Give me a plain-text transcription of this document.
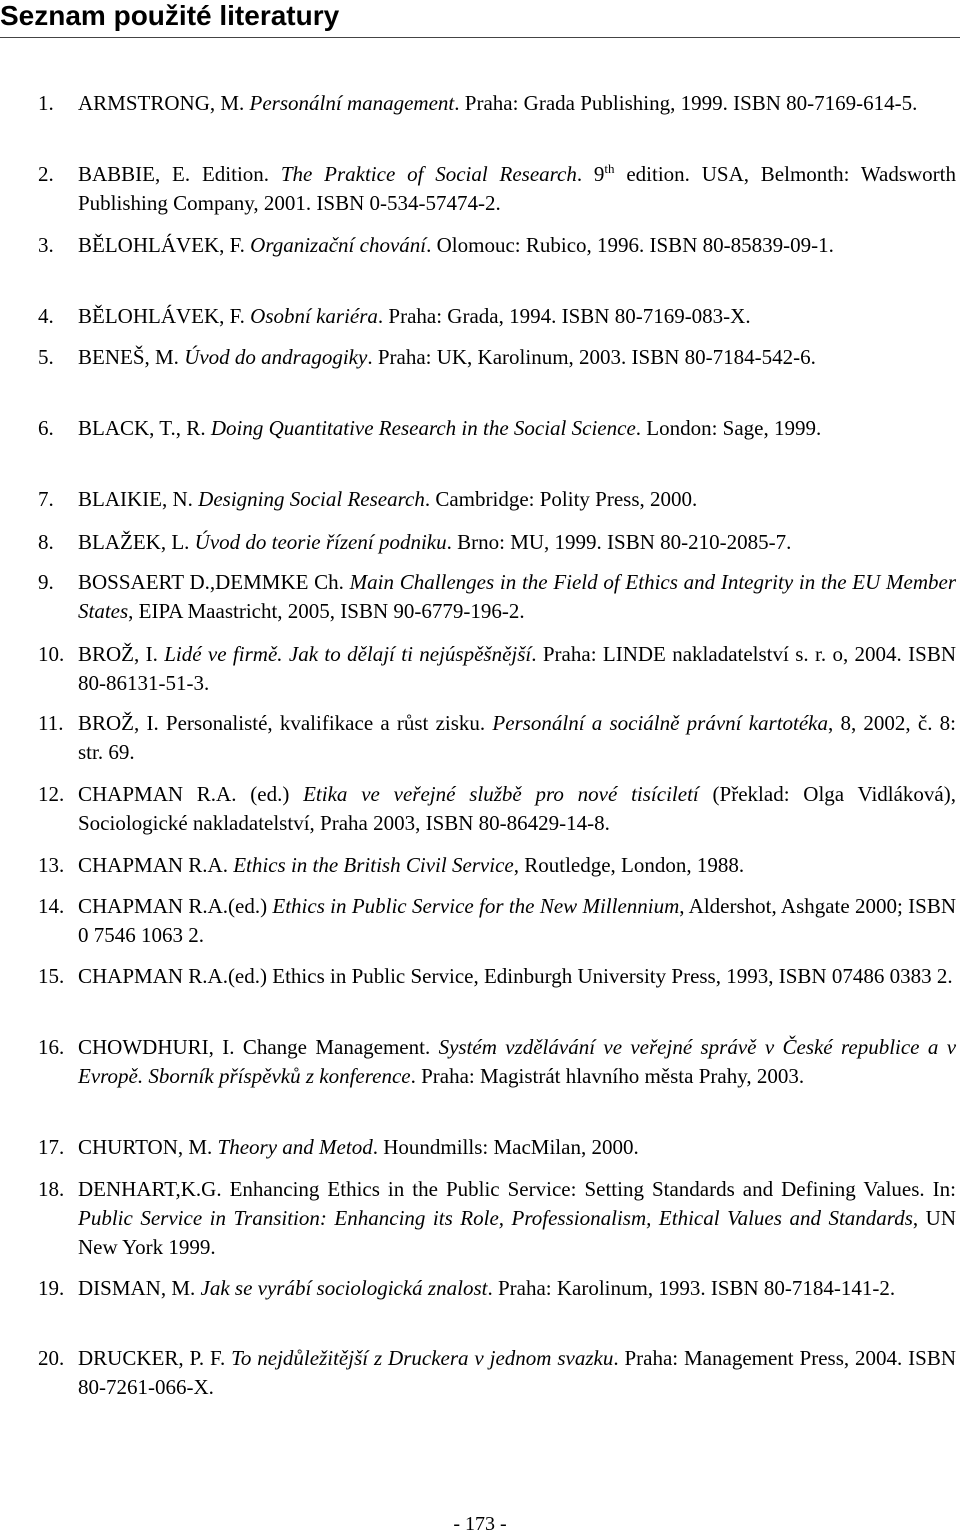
Seznam použité literatury
1. ARMSTRONG, M. Personální management. Praha: Grada Publishing, 1999. ISBN 80-7169-614-5.
2. BABBIE, E. Edition. The Praktice of Social Research. 9th edition. USA, Belmonth: Wadsworth Publishing Company, 2001. ISBN 0-534-57474-2.
3. BĚLOHLÁVEK, F. Organizační chování. Olomouc: Rubico, 1996. ISBN 80-85839-09-1.
4. BĚLOHLÁVEK, F. Osobní kariéra. Praha: Grada, 1994. ISBN 80-7169-083-X.
5. BENEŠ, M. Úvod do andragogiky. Praha: UK, Karolinum, 2003. ISBN 80-7184-542-6.
6. BLACK, T., R. Doing Quantitative Research in the Social Science. London: Sage, 1999.
7. BLAIKIE, N. Designing Social Research. Cambridge: Polity Press, 2000.
8. BLAŽEK, L. Úvod do teorie řízení podniku. Brno: MU, 1999. ISBN 80-210-2085-7.
9. BOSSAERT D.,DEMMKE Ch. Main Challenges in the Field of Ethics and Integrity in the EU Member States, EIPA Maastricht, 2005, ISBN 90-6779-196-2.
10. BROŽ, I. Lidé ve firmě. Jak to dělají ti nejúspěšnější. Praha: LINDE nakladatelství s. r. o, 2004. ISBN 80-86131-51-3.
11. BROŽ, I. Personalisté, kvalifikace a růst zisku. Personální a sociálně právní kartotéka, 8, 2002, č. 8: str. 69.
12. CHAPMAN R.A. (ed.) Etika ve veřejné službě pro nové tisíciletí (Překlad: Olga Vidláková), Sociologické nakladatelství, Praha 2003, ISBN 80-86429-14-8.
13. CHAPMAN R.A. Ethics in the British Civil Service, Routledge, London, 1988.
14. CHAPMAN R.A.(ed.) Ethics in Public Service for the New Millennium, Aldershot, Ashgate 2000; ISBN 0 7546 1063 2.
15. CHAPMAN R.A.(ed.) Ethics in Public Service, Edinburgh University Press, 1993, ISBN 07486 0383 2.
16. CHOWDHURI, I. Change Management. Systém vzdělávání ve veřejné správě v České republice a v Evropě. Sborník příspěvků z konference. Praha: Magistrát hlavního města Prahy, 2003.
17. CHURTON, M. Theory and Metod. Houndmills: MacMilan, 2000.
18. DENHART,K.G. Enhancing Ethics in the Public Service: Setting Standards and Defining Values. In: Public Service in Transition: Enhancing its Role, Professionalism, Ethical Values and Standards, UN New York 1999.
19. DISMAN, M. Jak se vyrábí sociologická znalost. Praha: Karolinum, 1993. ISBN 80-7184-141-2.
20. DRUCKER, P. F. To nejdůležitější z Druckera v jednom svazku. Praha: Management Press, 2004. ISBN 80-7261-066-X.
- 173 -
